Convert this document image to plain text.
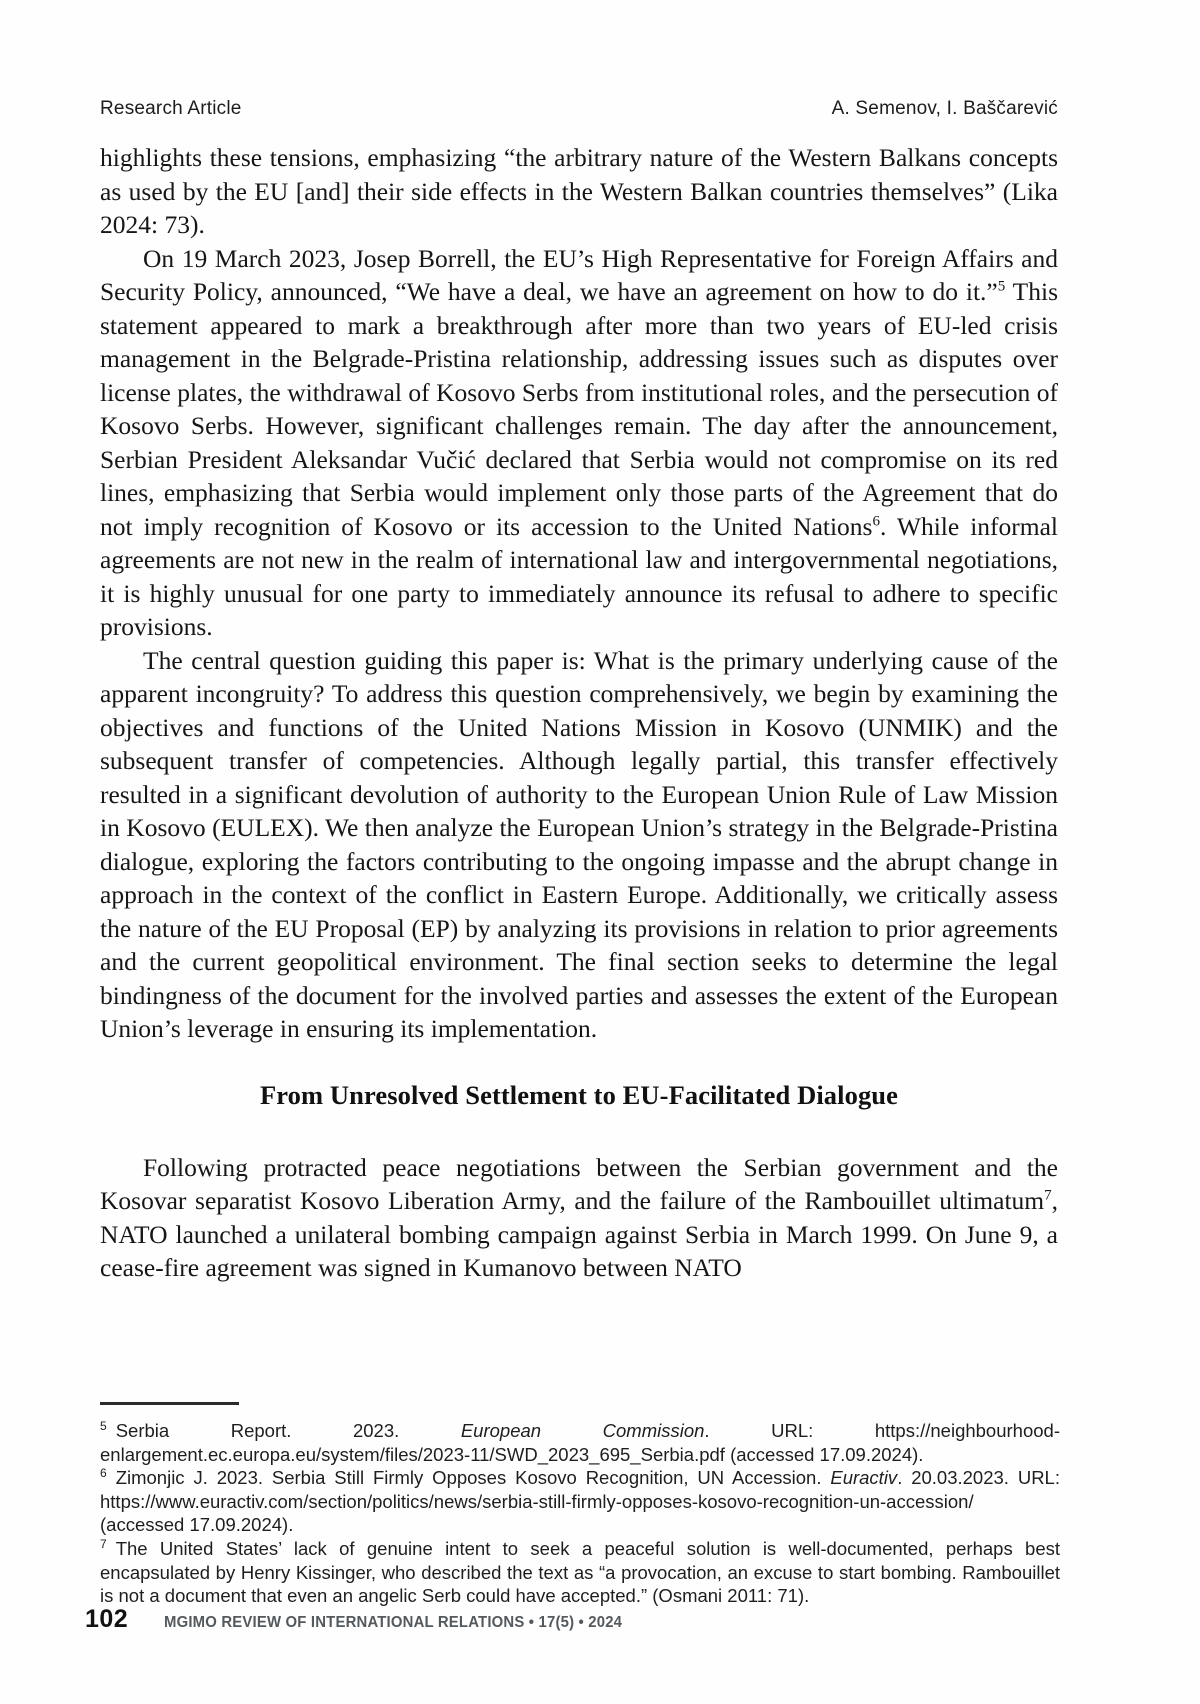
Research Article	A. Semenov, I. Baščarević

highlights these tensions, emphasizing “the arbitrary nature of the Western Balkans concepts as used by the EU [and] their side effects in the Western Balkan countries themselves” (Lika 2024: 73).

On 19 March 2023, Josep Borrell, the EU’s High Representative for Foreign Affairs and Security Policy, announced, “We have a deal, we have an agreement on how to do it.”$^5$ This statement appeared to mark a breakthrough after more than two years of EU-led crisis management in the Belgrade-Pristina relationship, addressing issues such as disputes over license plates, the withdrawal of Kosovo Serbs from institutional roles, and the persecution of Kosovo Serbs. However, significant challenges remain. The day after the announcement, Serbian President Aleksandar Vučić declared that Serbia would not compromise on its red lines, emphasizing that Serbia would implement only those parts of the Agreement that do not imply recognition of Kosovo or its accession to the United Nations$^6$. While informal agreements are not new in the realm of international law and intergovernmental negotiations, it is highly unusual for one party to immediately announce its refusal to adhere to specific provisions.

The central question guiding this paper is: What is the primary underlying cause of the apparent incongruity? To address this question comprehensively, we begin by examining the objectives and functions of the United Nations Mission in Kosovo (UNMIK) and the subsequent transfer of competencies. Although legally partial, this transfer effectively resulted in a significant devolution of authority to the European Union Rule of Law Mission in Kosovo (EULEX). We then analyze the European Union’s strategy in the Belgrade-Pristina dialogue, exploring the factors contributing to the ongoing impasse and the abrupt change in approach in the context of the conflict in Eastern Europe. Additionally, we critically assess the nature of the EU Proposal (EP) by analyzing its provisions in relation to prior agreements and the current geopolitical environment. The final section seeks to determine the legal bindingness of the document for the involved parties and assesses the extent of the European Union’s leverage in ensuring its implementation.

From Unresolved Settlement to EU-Facilitated Dialogue

Following protracted peace negotiations between the Serbian government and the Kosovar separatist Kosovo Liberation Army, and the failure of the Rambouillet ultimatum$^7$, NATO launched a unilateral bombing campaign against Serbia in March 1999. On June 9, a cease-fire agreement was signed in Kumanovo between NATO

$^5$ Serbia Report. 2023. European Commission. URL: https://neighbourhood-enlargement.ec.europa.eu/system/files/2023-11/SWD_2023_695_Serbia.pdf (accessed 17.09.2024).

$^6$ Zimonjic J. 2023. Serbia Still Firmly Opposes Kosovo Recognition, UN Accession. Euractiv. 20.03.2023. URL: https://www.euractiv.com/section/politics/news/serbia-still-firmly-opposes-kosovo-recognition-un-accession/ (accessed 17.09.2024).

$^7$ The United States’ lack of genuine intent to seek a peaceful solution is well-documented, perhaps best encapsulated by Henry Kissinger, who described the text as “a provocation, an excuse to start bombing. Rambouillet is not a document that even an angelic Serb could have accepted.” (Osmani 2011: 71).

102 MGIMO REVIEW OF INTERNATIONAL RELATIONS • 17(5) • 2024
